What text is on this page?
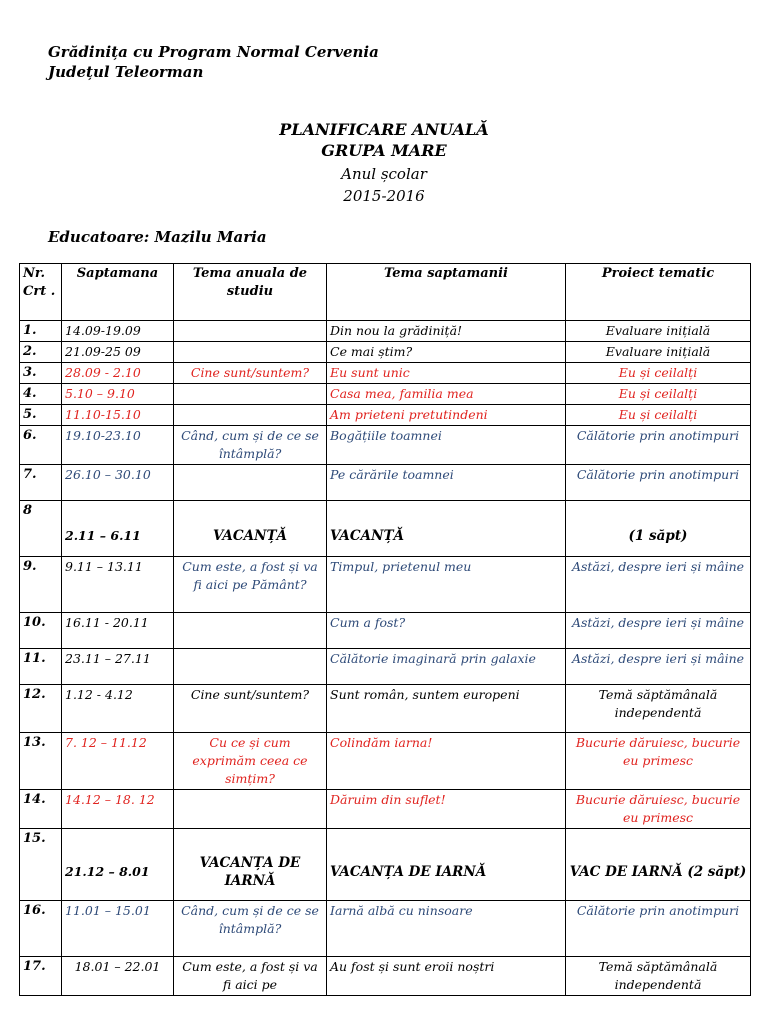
Grădinița cu Program Normal Cervenia
Județul Teleorman
PLANIFICARE ANUALĂ
GRUPA MARE
Anul școlar
2015-2016
Educatoare: Mazilu Maria
Nr. Crt .	Saptamana	Tema anuala de studiu	Tema saptamanii	Proiect tematic
1.	14.09-19.09		Din nou la grădiniță!	Evaluare inițială
2.	21.09-25 09		Ce mai știm?	Evaluare inițială
3.	28.09 - 2.10	Cine sunt/suntem?	Eu sunt unic	Eu și ceilalți
4.	5.10 – 9.10		Casa mea, familia mea	Eu și ceilalți
5.	11.10-15.10		Am prieteni pretutindeni	Eu și ceilalți
6.	19.10-23.10	Când, cum și de ce se întâmplă?	Bogățiile toamnei	Călătorie prin anotimpuri
7.	26.10 – 30.10		Pe cărările toamnei	Călătorie prin anotimpuri
8	2.11 – 6.11	VACANȚĂ	VACANȚĂ	(1 săpt)
9.	9.11 – 13.11	Cum este, a fost și va fi aici pe Pământ?	Timpul, prietenul meu	Astăzi, despre ieri și mâine
10.	16.11 - 20.11		Cum a fost?	Astăzi, despre ieri și mâine
11.	23.11 – 27.11		Călătorie imaginară prin galaxie	Astăzi, despre ieri și mâine
12.	1.12 - 4.12	Cine sunt/suntem?	Sunt român, suntem europeni	Temă săptămânală independentă
13.	7. 12 – 11.12	Cu ce și cum exprimăm ceea ce simțim?	Colindăm iarna!	Bucurie dăruiesc, bucurie eu primesc
14.	14.12 – 18. 12		Dăruim din suflet!	Bucurie dăruiesc, bucurie eu primesc
15.	21.12 – 8.01	VACANȚA DE IARNĂ	VACANȚA DE IARNĂ	VAC DE IARNĂ (2 săpt)
16.	11.01 – 15.01	Când, cum și de ce se întâmplă?	Iarnă albă cu ninsoare	Călătorie prin anotimpuri
17.	18.01 – 22.01	Cum este, a fost și va fi aici pe	Au fost și sunt eroii noștri	Temă săptămânală independentă
